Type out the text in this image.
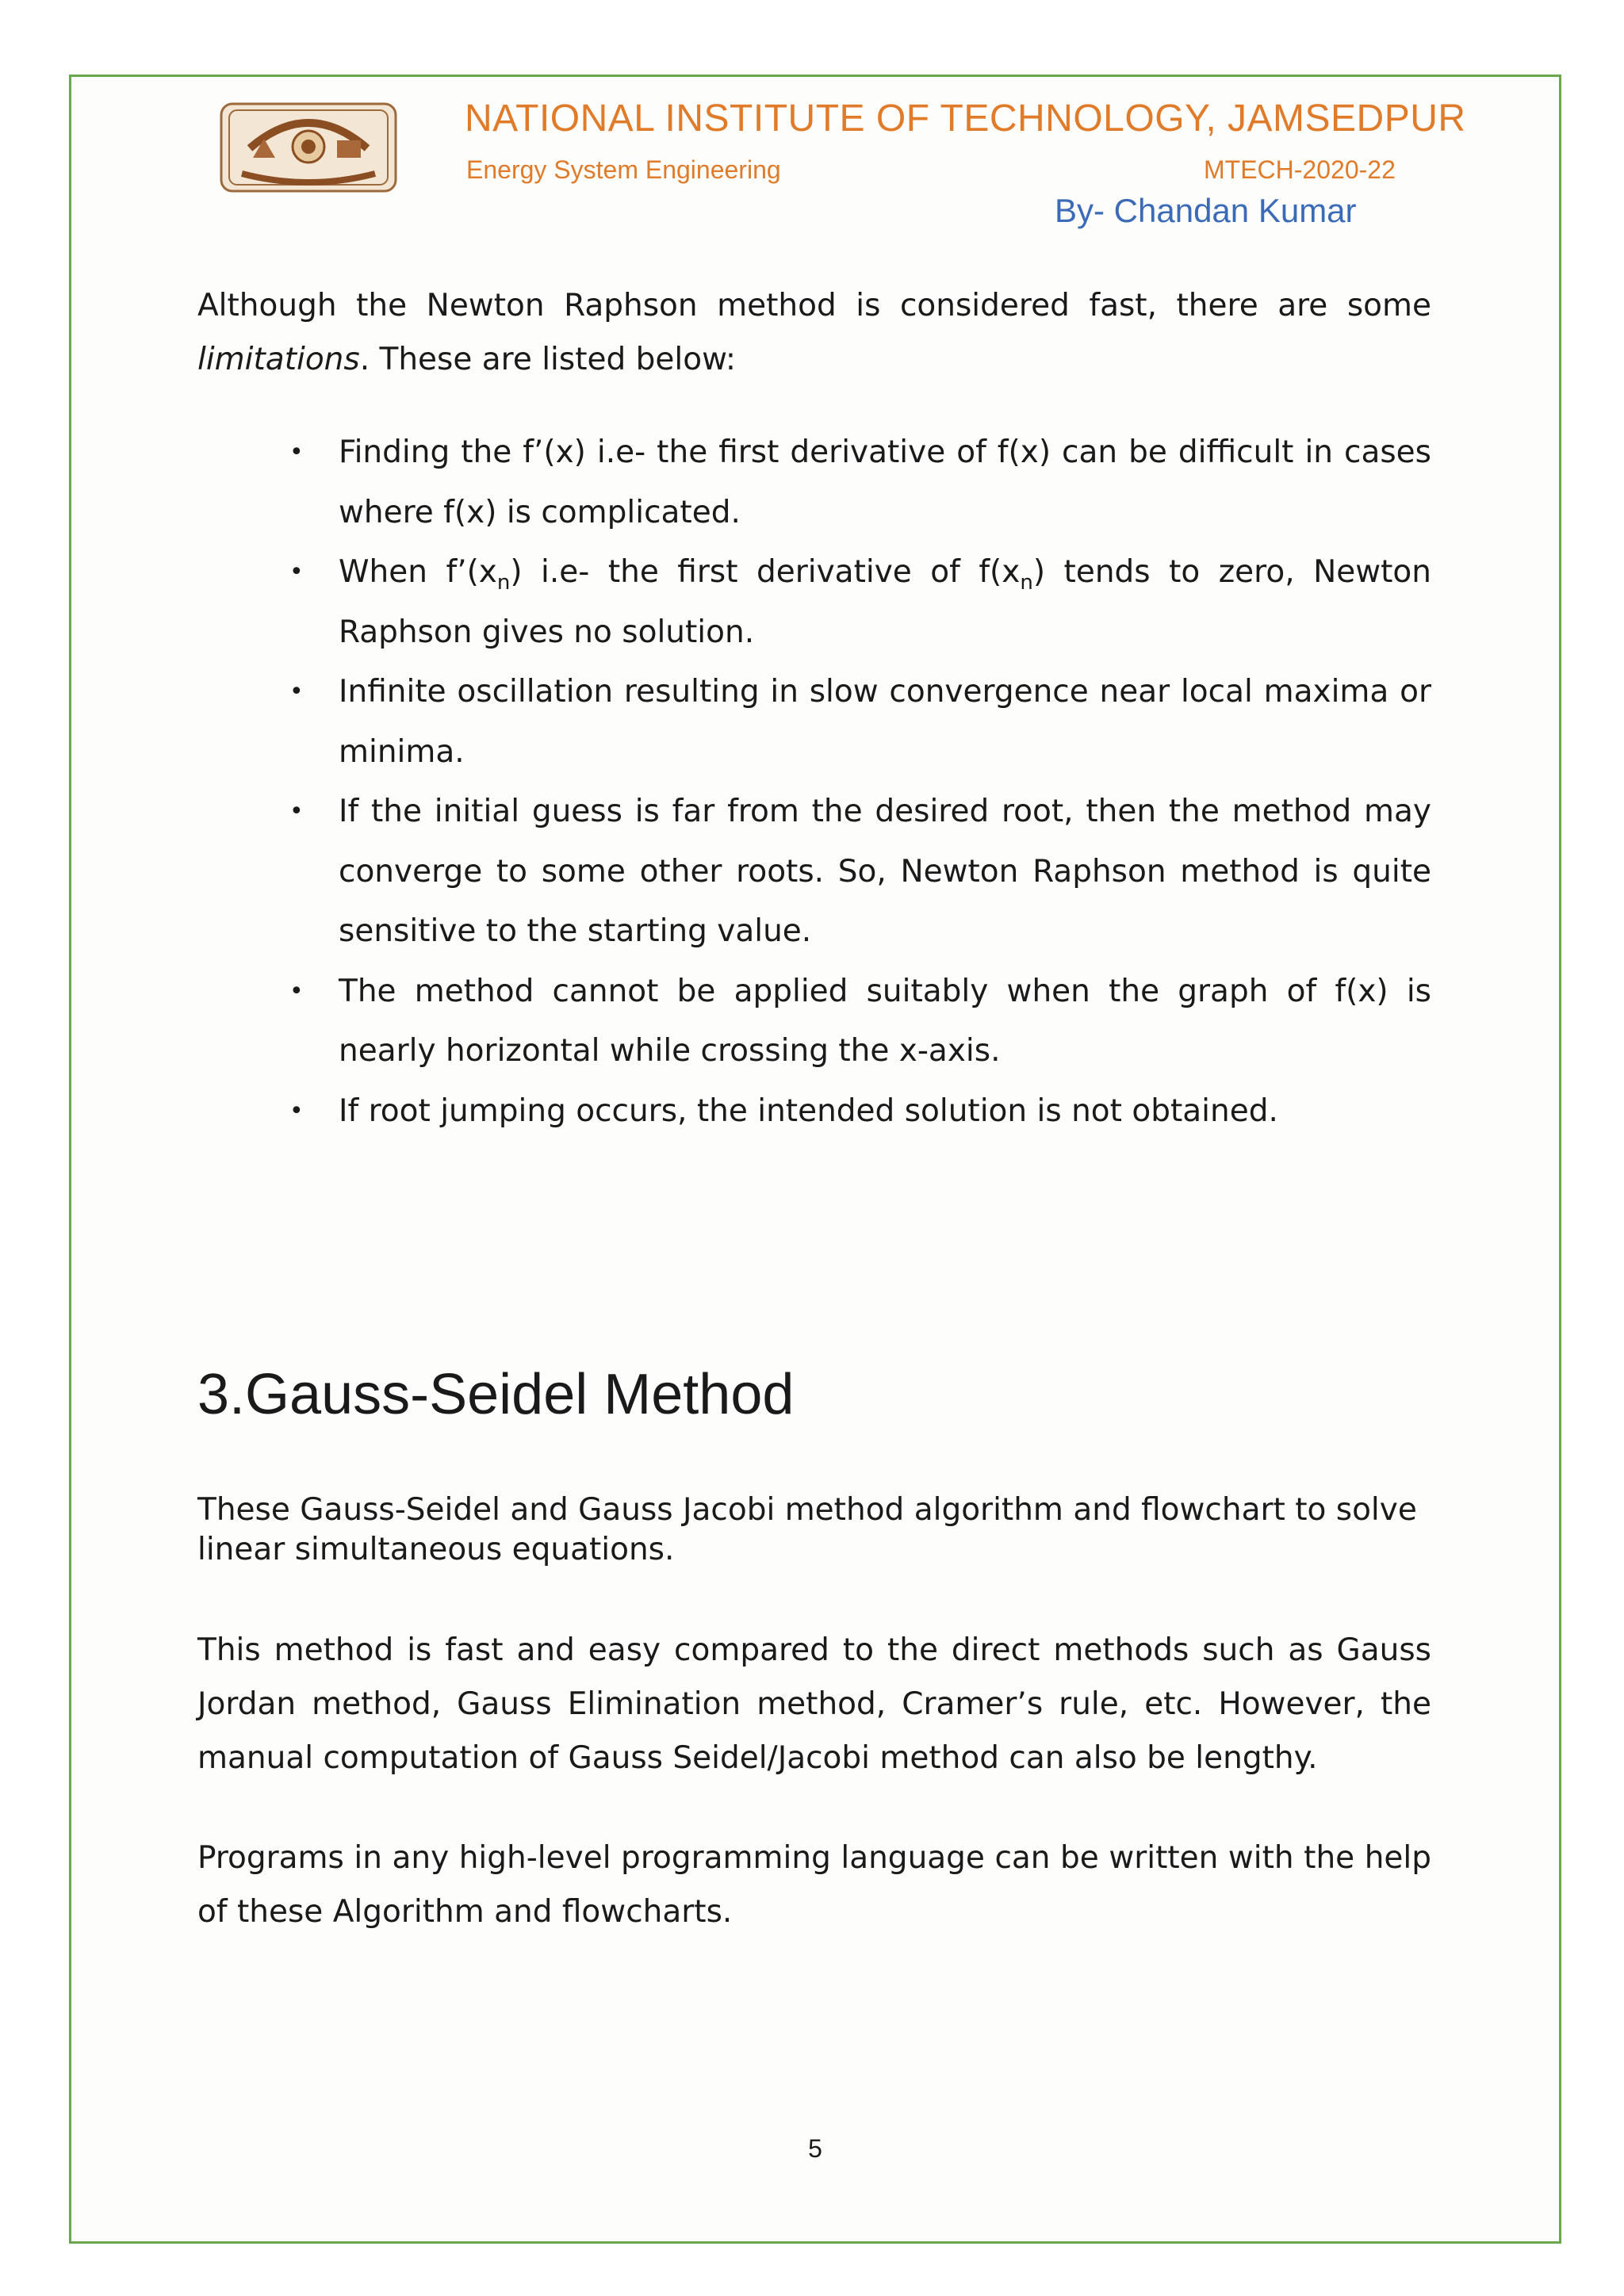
NATIONAL INSTITUTE OF TECHNOLOGY, JAMSEDPUR
Energy System Engineering	MTECH-2020-22
By- Chandan Kumar

Although the Newton Raphson method is considered fast, there are some limitations. These are listed below:

• Finding the f’(x) i.e- the first derivative of f(x) can be difficult in cases where f(x) is complicated.
• When $f’(x_n)$ i.e- the first derivative of $f(x_n)$ tends to zero, Newton Raphson gives no solution.
• Infinite oscillation resulting in slow convergence near local maxima or minima.
• If the initial guess is far from the desired root, then the method may converge to some other roots. So, Newton Raphson method is quite sensitive to the starting value.
• The method cannot be applied suitably when the graph of f(x) is nearly horizontal while crossing the x-axis.
• If root jumping occurs, the intended solution is not obtained.
3.Gauss-Seidel Method

These Gauss-Seidel and Gauss Jacobi method algorithm and flowchart to solve linear simultaneous equations.

This method is fast and easy compared to the direct methods such as Gauss Jordan method, Gauss Elimination method, Cramer’s rule, etc. However, the manual computation of Gauss Seidel/Jacobi method can also be lengthy.

Programs in any high-level programming language can be written with the help of these Algorithm and flowcharts.

5
